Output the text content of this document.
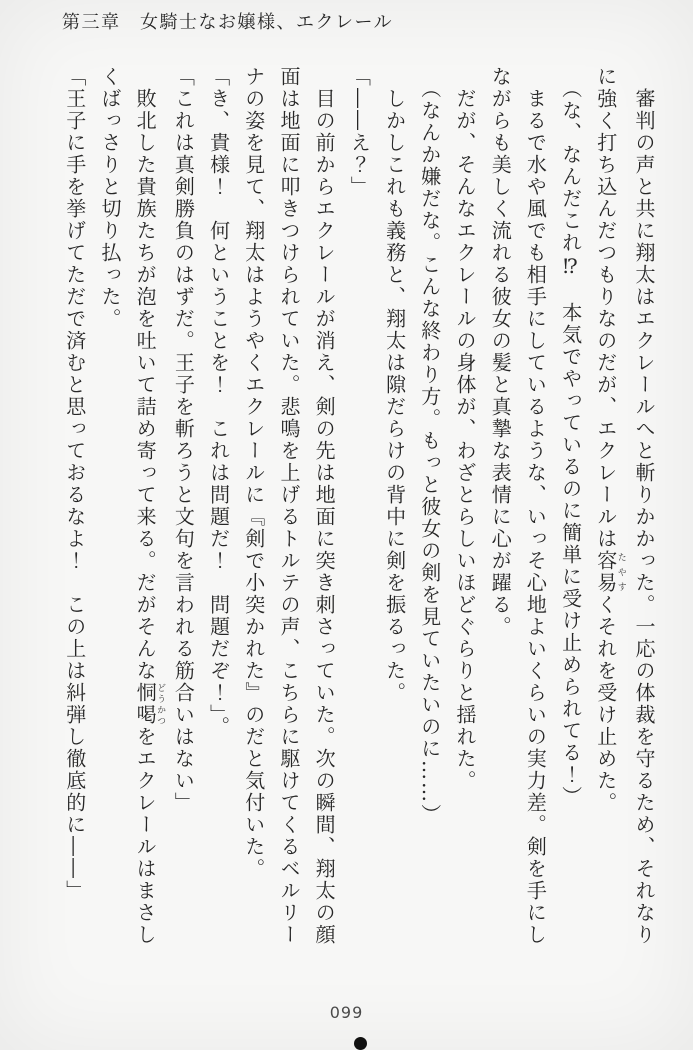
第三章　女騎士なお嬢様、エクレール
　審判の声と共に翔太はエクレールへと斬りかかった。一応の体裁を守るため、それなり
に強く打ち込んだつもりなのだが、エクレールは容易たやすくそれを受け止めた。
　（な、なんだこれ⁉　本気でやっているのに簡単に受け止められてる！）
　まるで水や風でも相手にしているような、いっそ心地よいくらいの実力差。剣を手にし
ながらも美しく流れる彼女の髪と真摯な表情に心が躍る。
　だが、そんなエクレールの身体が、わざとらしいほどぐらりと揺れた。
　（なんか嫌だな。こんな終わり方。もっと彼女の剣を見ていたいのに……）
　しかしこれも義務と、翔太は隙だらけの背中に剣を振るった。
「――え？」
　目の前からエクレールが消え、剣の先は地面に突き刺さっていた。次の瞬間、翔太の顔
面は地面に叩きつけられていた。悲鳴を上げるトルテの声、こちらに駆けてくるベルリー
ナの姿を見て、翔太はようやくエクレールに『剣で小突かれた』のだと気付いた。
「き、貴様！　何ということを！　これは問題だ！　問題だぞ！」。
「これは真剣勝負のはずだ。王子を斬ろうと文句を言われる筋合いはない」
　敗北した貴族たちが泡を吐いて詰め寄って来る。だがそんな恫喝どうかつをエクレールはまさし
くばっさりと切り払った。
「王子に手を挙げてただで済むと思っておるなよ！　この上は糾弾し徹底的に――」
099
